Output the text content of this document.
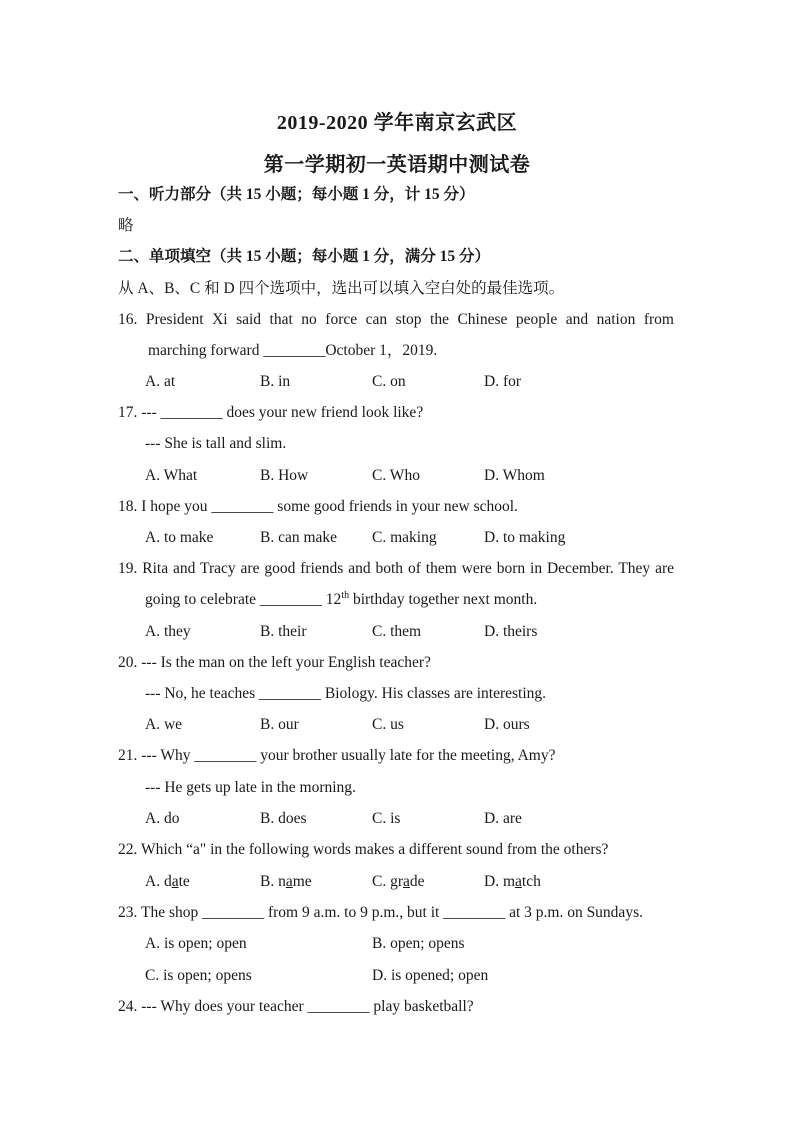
2019-2020 学年南京玄武区
第一学期初一英语期中测试卷
一、听力部分（共 15 小题；每小题 1 分，计 15 分）
略
二、单项填空（共 15 小题；每小题 1 分，满分 15 分）
从 A、B、C 和 D 四个选项中，选出可以填入空白处的最佳选项。
16. President Xi said that no force can stop the Chinese people and nation from
marching forward ________October 1，2019.
A. at	B. in	C. on	D. for
17. --- ________ does your new friend look like?
--- She is tall and slim.
A. What	B. How	C. Who	D. Whom
18. I hope you ________ some good friends in your new school.
A. to make	B. can make C. making	D. to making
19. Rita and Tracy are good friends and both of them were born in December. They are
going to celebrate ________ 12th birthday together next month.
A. they	B. their	C. them	D. theirs
20. --- Is the man on the left your English teacher?
--- No, he teaches ________ Biology. His classes are interesting.
A. we	B. our	C. us	D. ours
21. --- Why ________ your brother usually late for the meeting, Amy?
--- He gets up late in the morning.
A. do	B. does	C. is	D. are
22. Which “a" in the following words makes a different sound from the others?
A. date	B. name	C. grade	D. match
23. The shop ________ from 9 a.m. to 9 p.m., but it ________ at 3 p.m. on Sundays.
A. is open; open	B. open; opens
C. is open; opens	D. is opened; open
24. --- Why does your teacher ________ play basketball?
